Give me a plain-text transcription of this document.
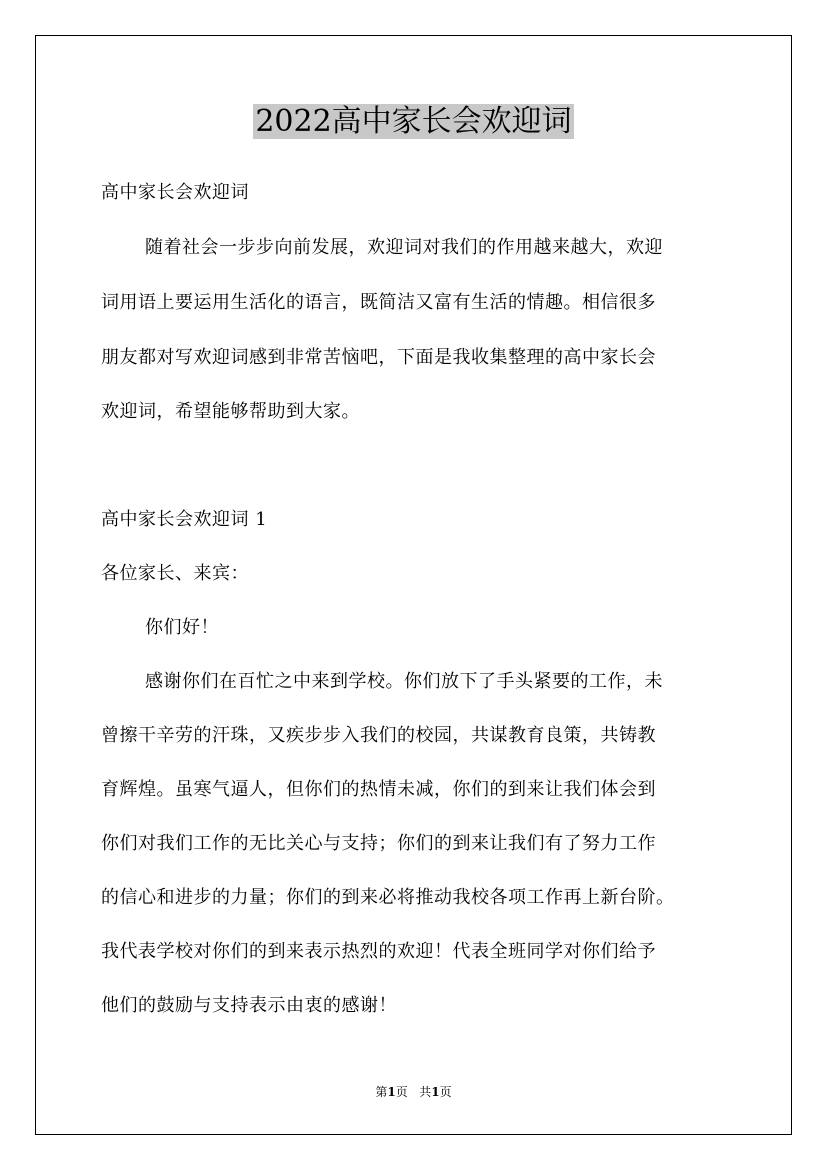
2022高中家长会欢迎词
高中家长会欢迎词
随着社会一步步向前发展，欢迎词对我们的作用越来越大，欢迎
词用语上要运用生活化的语言，既简洁又富有生活的情趣。相信很多
朋友都对写欢迎词感到非常苦恼吧，下面是我收集整理的高中家长会
欢迎词，希望能够帮助到大家。
高中家长会欢迎词 1
各位家长、来宾：
你们好！
感谢你们在百忙之中来到学校。你们放下了手头紧要的工作，未
曾擦干辛劳的汗珠，又疾步步入我们的校园，共谋教育良策，共铸教
育辉煌。虽寒气逼人，但你们的热情未减，你们的到来让我们体会到
你们对我们工作的无比关心与支持；你们的到来让我们有了努力工作
的信心和进步的力量；你们的到来必将推动我校各项工作再上新台阶。
我代表学校对你们的到来表示热烈的欢迎！代表全班同学对你们给予
他们的鼓励与支持表示由衷的感谢！
第1页 共1页
